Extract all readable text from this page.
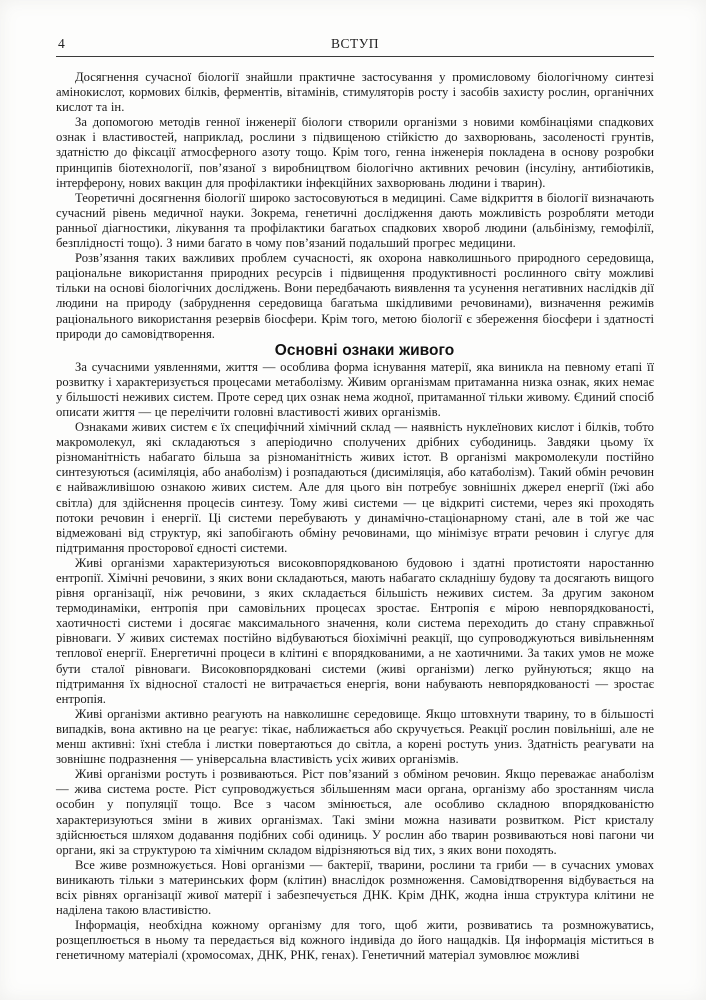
4	ВСТУП

Досягнення сучасної біології знайшли практичне застосування у промисловому біологічному синтезі амінокислот, кормових білків, ферментів, вітамінів, стимуляторів росту і засобів захисту рослин, органічних кислот та ін.

За допомогою методів генної інженерії біологи створили організми з новими комбінаціями спадкових ознак і властивостей, наприклад, рослини з підвищеною стійкістю до захворювань, засоленості грунтів, здатністю до фіксації атмосферного азоту тощо. Крім того, генна інженерія покладена в основу розробки принципів біотехнології, пов’язаної з виробництвом біологічно активних речовин (інсуліну, антибіотиків, інтерферону, нових вакцин для профілактики інфекційних захворювань людини і тварин).

Теоретичні досягнення біології широко застосовуються в медицині. Саме відкриття в біології визначають сучасний рівень медичної науки. Зокрема, генетичні дослідження дають можливість розробляти методи ранньої діагностики, лікування та профілактики багатьох спадкових хвороб людини (альбінізму, гемофілії, безплідності тощо). З ними багато в чому пов’язаний подальший прогрес медицини.

Розв’язання таких важливих проблем сучасності, як охорона навколишнього природного середовища, раціональне використання природних ресурсів і підвищення продуктивності рослинного світу можливі тільки на основі біологічних досліджень. Вони передбачають виявлення та усунення негативних наслідків дії людини на природу (забруднення середовища багатьма шкідливими речовинами), визначення режимів раціонального використання резервів біосфери. Крім того, метою біології є збереження біосфери і здатності природи до самовідтворення.

Основні ознаки живого

За сучасними уявленнями, життя — особлива форма існування матерії, яка виникла на певному етапі її розвитку і характеризується процесами метаболізму. Живим організмам притаманна низка ознак, яких немає у більшості неживих систем. Проте серед цих ознак нема жодної, притаманної тільки живому. Єдиний спосіб описати життя — це перелічити головні властивості живих організмів.

Ознаками живих систем є їх специфічний хімічний склад — наявність нуклеїнових кислот і білків, тобто макромолекул, які складаються з аперіодично сполучених дрібних субодиниць. Завдяки цьому їх різноманітність набагато більша за різноманітність живих істот. В організмі макромолекули постійно синтезуються (асиміляція, або анаболізм) і розпадаються (дисиміляція, або катаболізм). Такий обмін речовин є найважливішою ознакою живих систем. Але для цього він потребує зовнішніх джерел енергії (їжі або світла) для здійснення процесів синтезу. Тому живі системи — це відкриті системи, через які проходять потоки речовин і енергії. Ці системи перебувають у динамічно-стаціонарному стані, але в той же час відмежовані від структур, які запобігають обміну речовинами, що мінімізує втрати речовин і слугує для підтримання просторової єдності системи.

Живі організми характеризуються високовпорядкованою будовою і здатні протистояти наростанню ентропії. Хімічні речовини, з яких вони складаються, мають набагато складнішу будову та досягають вищого рівня організації, ніж речовини, з яких складається більшість неживих систем. За другим законом термодинаміки, ентропія при самовільних процесах зростає. Ентропія є мірою невпорядкованості, хаотичності системи і досягає максимального значення, коли система переходить до стану справжньої рівноваги. У живих системах постійно відбуваються біохімічні реакції, що супроводжуються вивільненням теплової енергії. Енергетичні процеси в клітині є впорядкованими, а не хаотичними. За таких умов не може бути сталої рівноваги. Високовпорядковані системи (живі організми) легко руйнуються; якщо на підтримання їх відносної сталості не витрачається енергія, вони набувають невпорядкованості — зростає ентропія.

Живі організми активно реагують на навколишнє середовище. Якщо штовхнути тварину, то в більшості випадків, вона активно на це реагує: тікає, наближається або скручується. Реакції рослин повільніші, але не менш активні: їхні стебла і листки повертаються до світла, а корені ростуть униз. Здатність реагувати на зовнішнє подразнення — універсальна властивість усіх живих організмів.

Живі організми ростуть і розвиваються. Ріст пов’язаний з обміном речовин. Якщо переважає анаболізм — жива система росте. Ріст супроводжується збільшенням маси органа, організму або зростанням числа особин у популяції тощо. Все з часом змінюється, але особливо складною впорядкованістю характеризуються зміни в живих організмах. Такі зміни можна називати розвитком. Ріст кристалу здійснюється шляхом додавання подібних собі одиниць. У рослин або тварин розвиваються нові пагони чи органи, які за структурою та хімічним складом відрізняються від тих, з яких вони походять.

Все живе розмножується. Нові організми — бактерії, тварини, рослини та гриби — в сучасних умовах виникають тільки з материнських форм (клітин) внаслідок розмноження. Самовідтворення відбувається на всіх рівнях організації живої матерії і забезпечується ДНК. Крім ДНК, жодна інша структура клітини не наділена такою властивістю.

Інформація, необхідна кожному організму для того, щоб жити, розвиватись та розмножуватись, розщеплюється в ньому та передається від кожного індивіда до його нащадків. Ця інформація міститься в генетичному матеріалі (хромосомах, ДНК, РНК, генах). Генетичний матеріал зумовлює можливі
